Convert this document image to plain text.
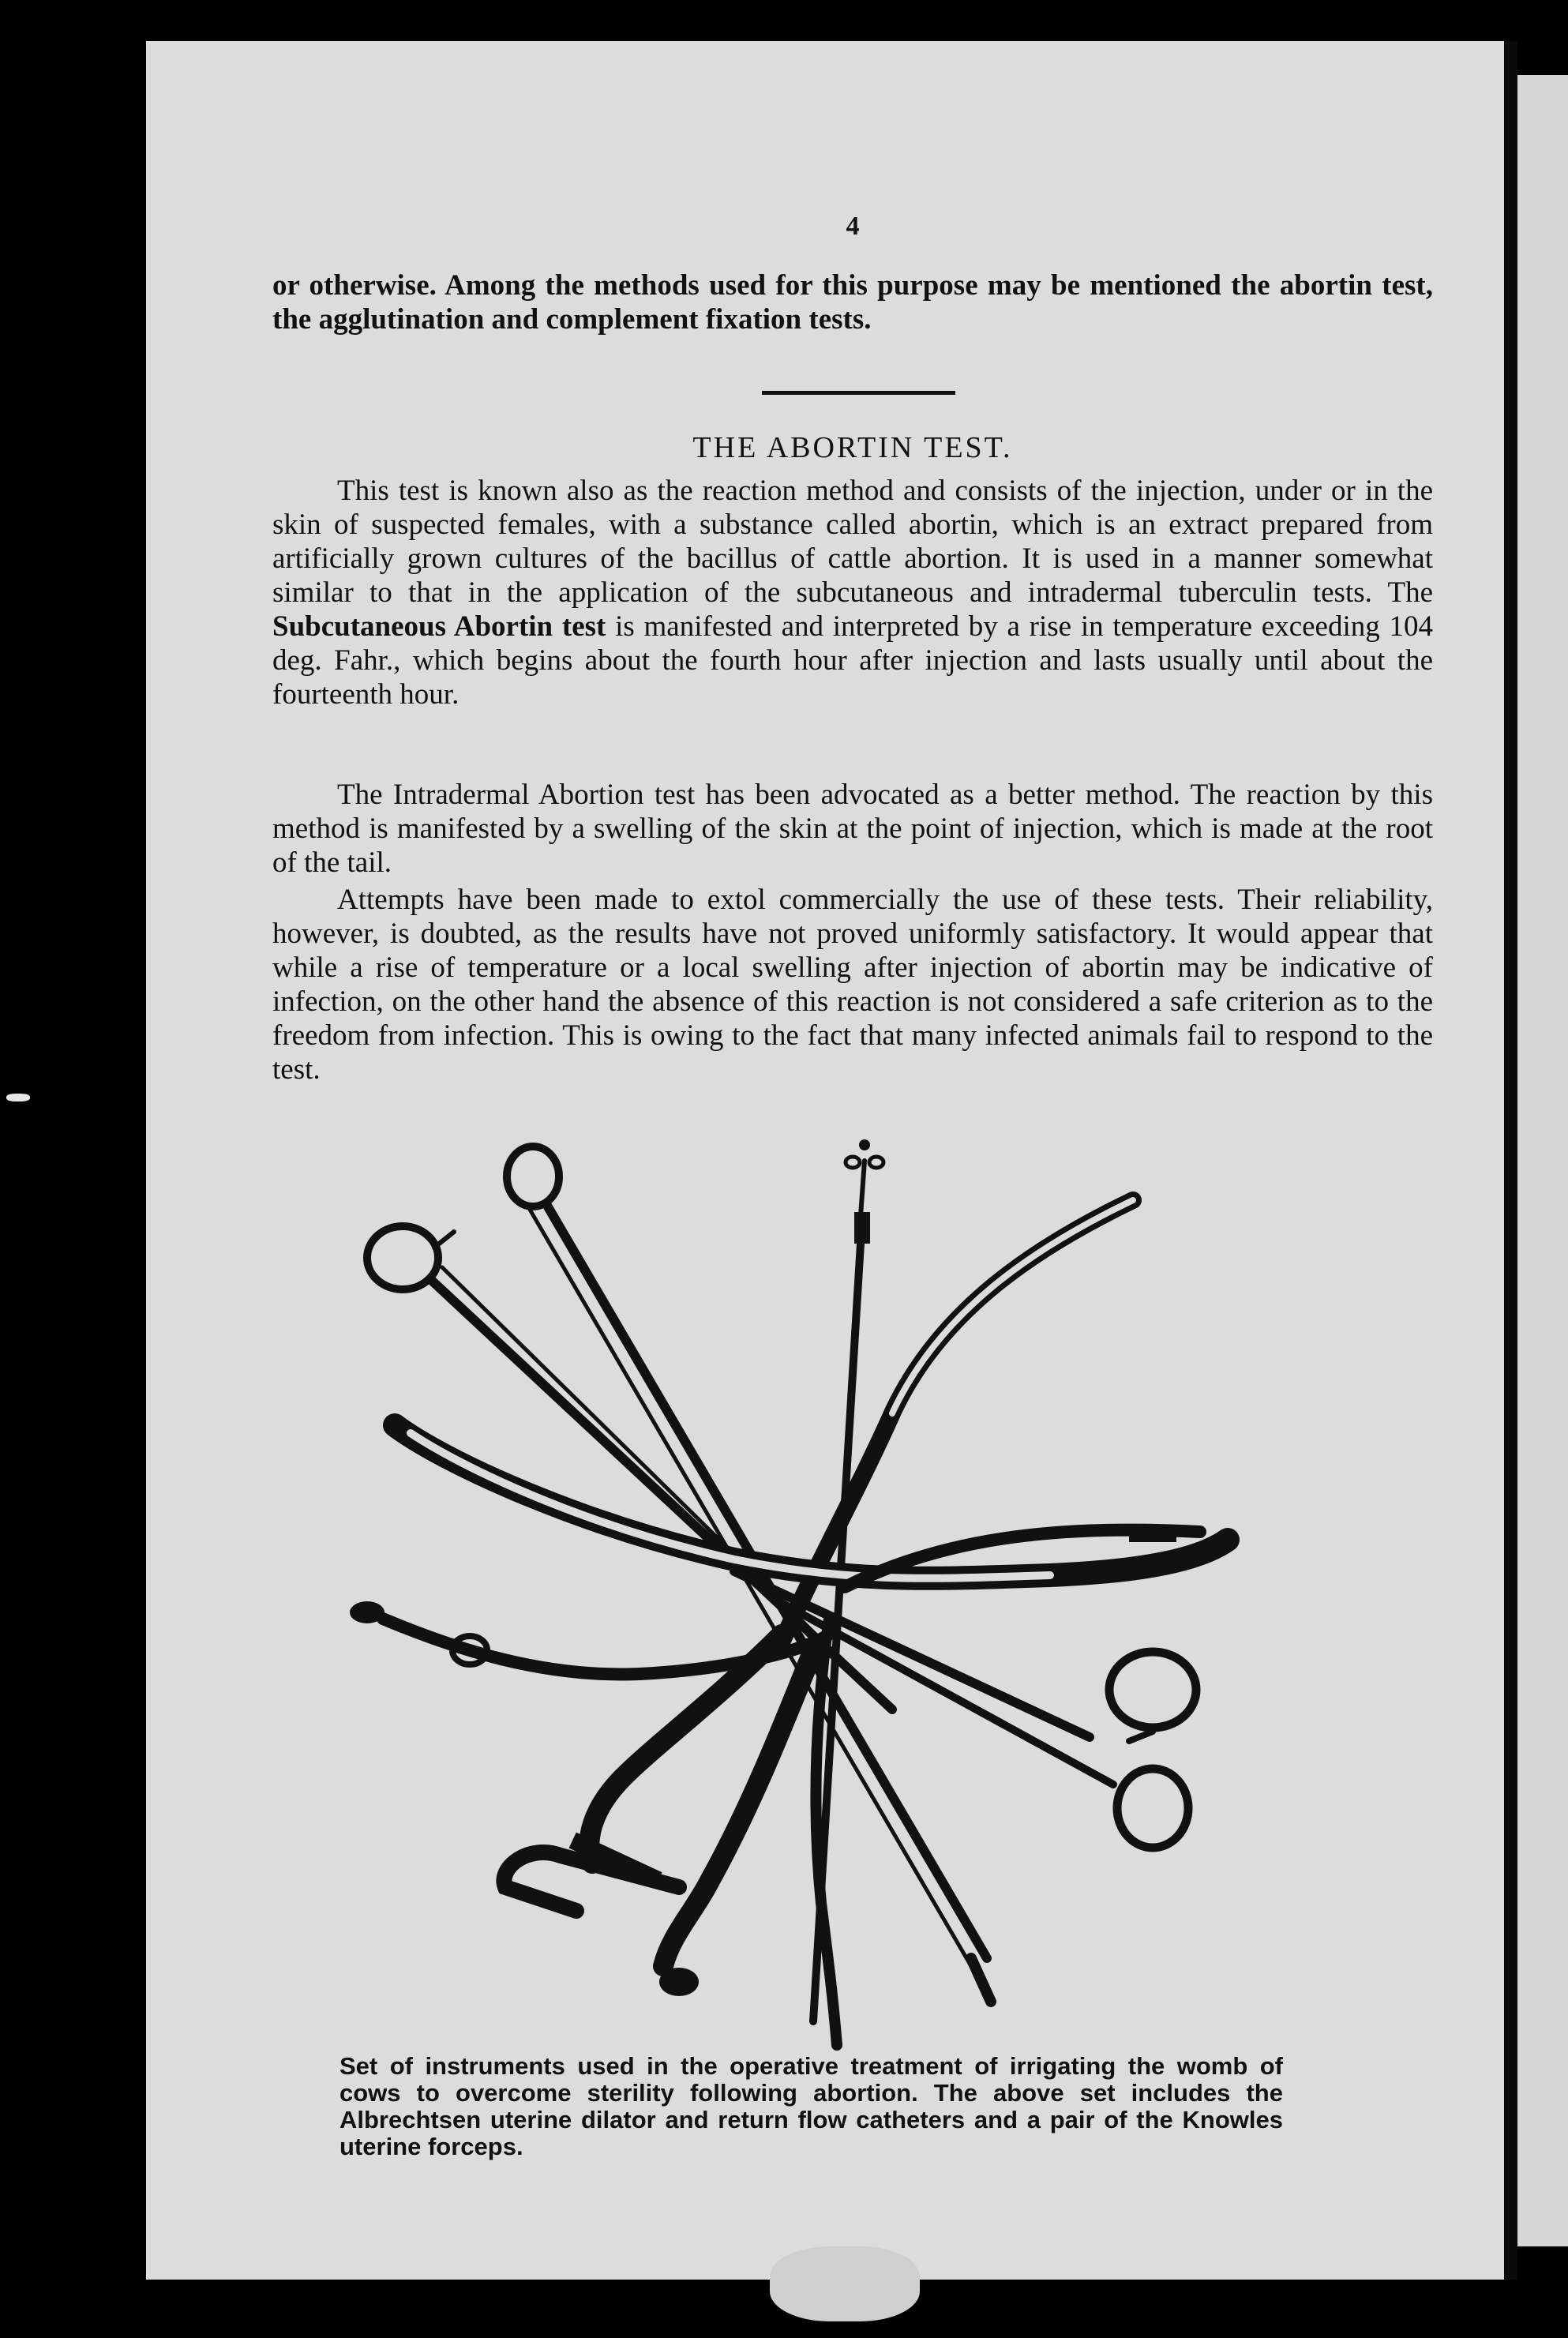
4

or otherwise. Among the methods used for this purpose may be mentioned the abortin test, the agglutination and complement fixation tests.

THE ABORTIN TEST.

This test is known also as the reaction method and consists of the injection, under or in the skin of suspected females, with a substance called abortin, which is an extract prepared from artificially grown cultures of the bacillus of cattle abortion. It is used in a manner somewhat similar to that in the application of the subcutaneous and intradermal tuberculin tests. The Subcutaneous Abortin test is manifested and interpreted by a rise in temperature exceeding 104 deg. Fahr., which begins about the fourth hour after injection and lasts usually until about the fourteenth hour.

The Intradermal Abortion test has been advocated as a better method. The reaction by this method is manifested by a swelling of the skin at the point of injection, which is made at the root of the tail.

Attempts have been made to extol commercially the use of these tests. Their reliability, however, is doubted, as the results have not proved uniformly satisfactory. It would appear that while a rise of temperature or a local swelling after injection of abortin may be indicative of infection, on the other hand the absence of this reaction is not considered a safe criterion as to the freedom from infection. This is owing to the fact that many infected animals fail to respond to the test.

Set of instruments used in the operative treatment of irrigating the womb of cows to overcome sterility following abortion. The above set includes the Albrechtsen uterine dilator and return flow catheters and a pair of the Knowles uterine forceps.
